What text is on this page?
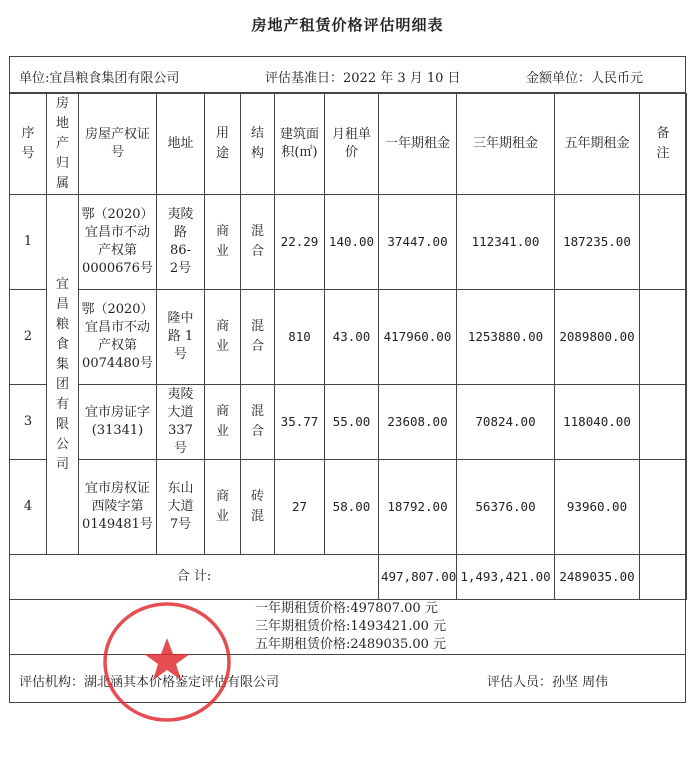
房地产租赁价格评估明细表
单位:宜昌粮食集团有限公司	评估基准日：2022 年 3 月 10 日	金额单位：人民币元
序号	房地产归属	房屋产权证号	地址	用途	结构	建筑面积(㎡)	月租单价	一年期租金	三年期租金	五年期租金	备注

1	宜昌粮食集团有限公司	鄂（2020）宜昌市不动产权第0000676号	夷陵路86-2号	商业	混合	22.29	140.00	37447.00	112341.00	187235.00	
2		鄂（2020）宜昌市不动产权第0074480号	隆中路 1 号	商业	混合	810	43.00	417960.00	1253880.00	2089800.00	
3		宜市房证字(31341)	夷陵大道337号	商业	混合	35.77	55.00	23608.00	70824.00	118040.00	
4		宜市房权证西陵字第0149481号	东山大道7号	商业	砖混	27	58.00	18792.00	56376.00	93960.00	
合 计:								497,807.00	1,493,421.00	2489035.00	
一年期租赁价格:497807.00 元
三年期租赁价格:1493421.00 元
五年期租赁价格:2489035.00 元
评估机构：湖北涵其本价格鉴定评估有限公司	评估人员：孙坚 周伟
